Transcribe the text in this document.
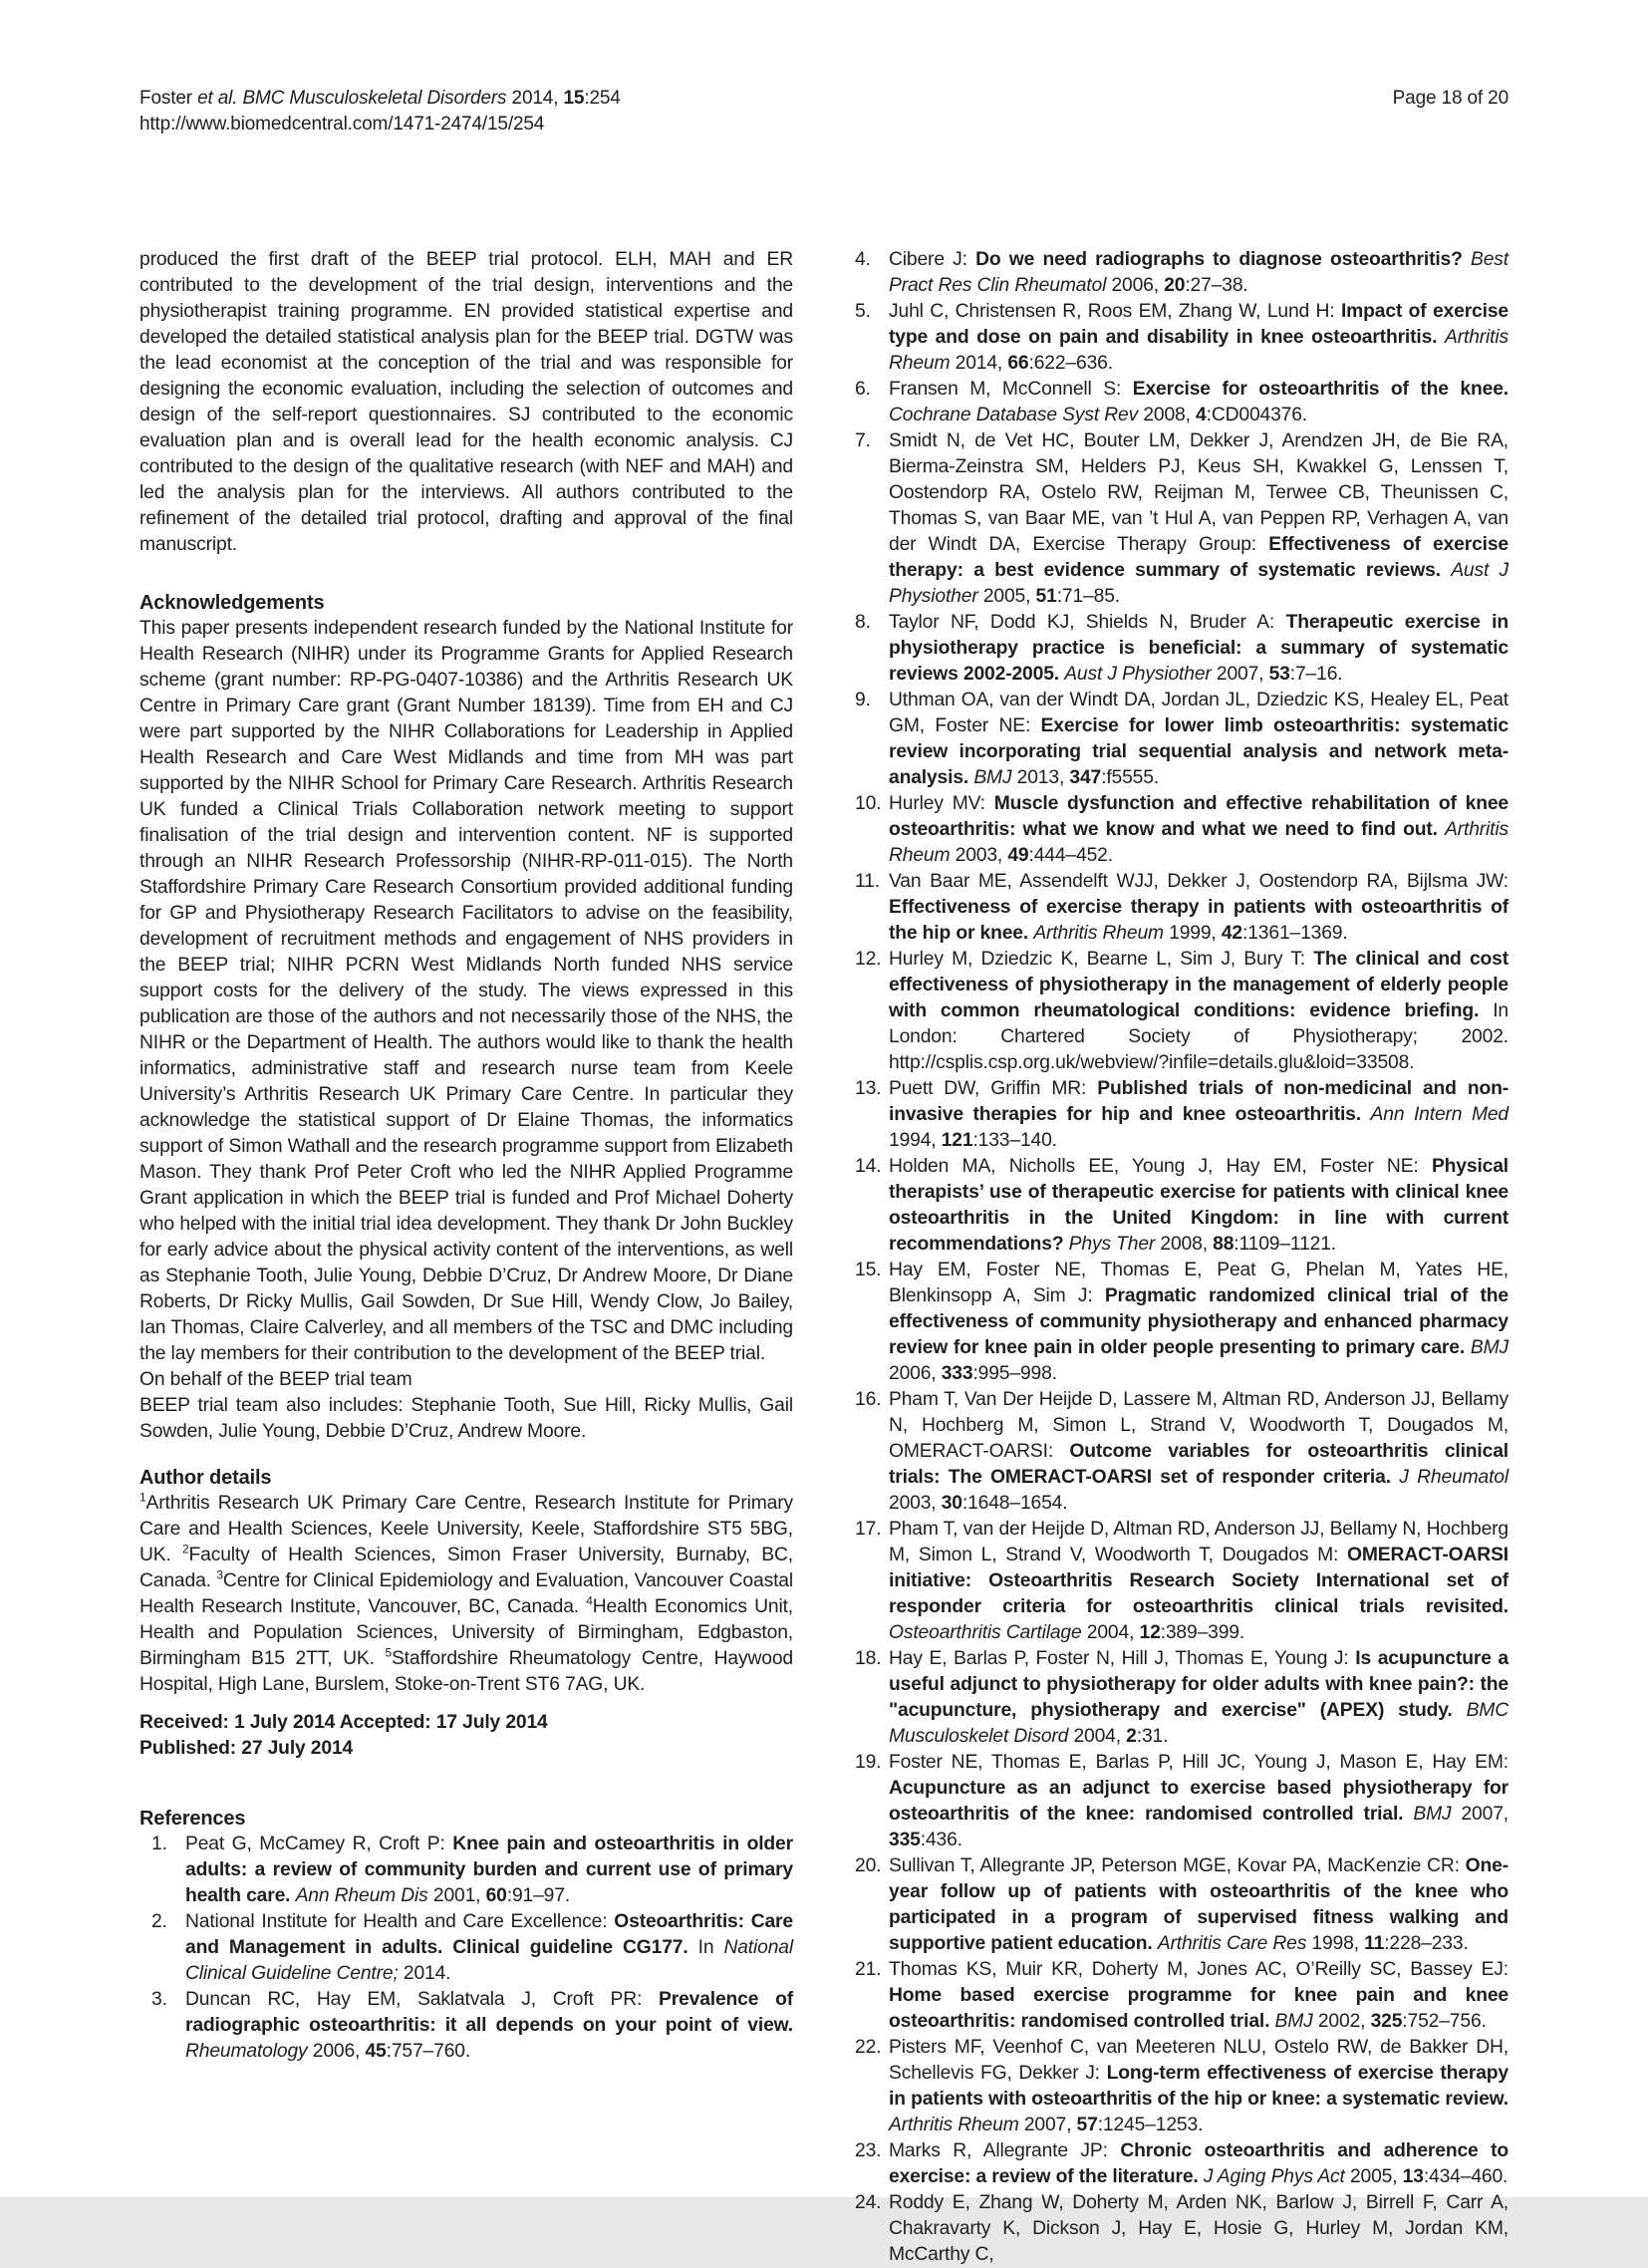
Foster et al. BMC Musculoskeletal Disorders 2014, 15:254
http://www.biomedcentral.com/1471-2474/15/254
Page 18 of 20

produced the first draft of the BEEP trial protocol. ELH, MAH and ER contributed to the development of the trial design, interventions and the physiotherapist training programme. EN provided statistical expertise and developed the detailed statistical analysis plan for the BEEP trial. DGTW was the lead economist at the conception of the trial and was responsible for designing the economic evaluation, including the selection of outcomes and design of the self-report questionnaires. SJ contributed to the economic evaluation plan and is overall lead for the health economic analysis. CJ contributed to the design of the qualitative research (with NEF and MAH) and led the analysis plan for the interviews. All authors contributed to the refinement of the detailed trial protocol, drafting and approval of the final manuscript.

Acknowledgements

This paper presents independent research funded by the National Institute for Health Research (NIHR) under its Programme Grants for Applied Research scheme (grant number: RP-PG-0407-10386) and the Arthritis Research UK Centre in Primary Care grant (Grant Number 18139). Time from EH and CJ were part supported by the NIHR Collaborations for Leadership in Applied Health Research and Care West Midlands and time from MH was part supported by the NIHR School for Primary Care Research. Arthritis Research UK funded a Clinical Trials Collaboration network meeting to support finalisation of the trial design and intervention content. NF is supported through an NIHR Research Professorship (NIHR-RP-011-015). The North Staffordshire Primary Care Research Consortium provided additional funding for GP and Physiotherapy Research Facilitators to advise on the feasibility, development of recruitment methods and engagement of NHS providers in the BEEP trial; NIHR PCRN West Midlands North funded NHS service support costs for the delivery of the study. The views expressed in this publication are those of the authors and not necessarily those of the NHS, the NIHR or the Department of Health. The authors would like to thank the health informatics, administrative staff and research nurse team from Keele University’s Arthritis Research UK Primary Care Centre. In particular they acknowledge the statistical support of Dr Elaine Thomas, the informatics support of Simon Wathall and the research programme support from Elizabeth Mason. They thank Prof Peter Croft who led the NIHR Applied Programme Grant application in which the BEEP trial is funded and Prof Michael Doherty who helped with the initial trial idea development. They thank Dr John Buckley for early advice about the physical activity content of the interventions, as well as Stephanie Tooth, Julie Young, Debbie D’Cruz, Dr Andrew Moore, Dr Diane Roberts, Dr Ricky Mullis, Gail Sowden, Dr Sue Hill, Wendy Clow, Jo Bailey, Ian Thomas, Claire Calverley, and all members of the TSC and DMC including the lay members for their contribution to the development of the BEEP trial.

On behalf of the BEEP trial team
BEEP trial team also includes: Stephanie Tooth, Sue Hill, Ricky Mullis, Gail Sowden, Julie Young, Debbie D’Cruz, Andrew Moore.
Author details

$^1$Arthritis Research UK Primary Care Centre, Research Institute for Primary Care and Health Sciences, Keele University, Keele, Staffordshire ST5 5BG, UK. $^2$Faculty of Health Sciences, Simon Fraser University, Burnaby, BC, Canada. $^3$Centre for Clinical Epidemiology and Evaluation, Vancouver Coastal Health Research Institute, Vancouver, BC, Canada. $^4$Health Economics Unit, Health and Population Sciences, University of Birmingham, Edgbaston, Birmingham B15 2TT, UK. $^5$Staffordshire Rheumatology Centre, Haywood Hospital, High Lane, Burslem, Stoke-on-Trent ST6 7AG, UK.

Received: 1 July 2014 Accepted: 17 July 2014
Published: 27 July 2014
References
1. Peat G, McCamey R, Croft P: Knee pain and osteoarthritis in older adults: a review of community burden and current use of primary health care. Ann Rheum Dis 2001, 60:91–97.
2. National Institute for Health and Care Excellence: Osteoarthritis: Care and Management in adults. Clinical guideline CG177. In National Clinical Guideline Centre; 2014.
3. Duncan RC, Hay EM, Saklatvala J, Croft PR: Prevalence of radiographic osteoarthritis: it all depends on your point of view. Rheumatology 2006, 45:757–760.
4. Cibere J: Do we need radiographs to diagnose osteoarthritis? Best Pract Res Clin Rheumatol 2006, 20:27–38.
5. Juhl C, Christensen R, Roos EM, Zhang W, Lund H: Impact of exercise type and dose on pain and disability in knee osteoarthritis. Arthritis Rheum 2014, 66:622–636.
6. Fransen M, McConnell S: Exercise for osteoarthritis of the knee. Cochrane Database Syst Rev 2008, 4:CD004376.
7. Smidt N, de Vet HC, Bouter LM, Dekker J, Arendzen JH, de Bie RA, Bierma-Zeinstra SM, Helders PJ, Keus SH, Kwakkel G, Lenssen T, Oostendorp RA, Ostelo RW, Reijman M, Terwee CB, Theunissen C, Thomas S, van Baar ME, van ’t Hul A, van Peppen RP, Verhagen A, van der Windt DA, Exercise Therapy Group: Effectiveness of exercise therapy: a best evidence summary of systematic reviews. Aust J Physiother 2005, 51:71–85.
8. Taylor NF, Dodd KJ, Shields N, Bruder A: Therapeutic exercise in physiotherapy practice is beneficial: a summary of systematic reviews 2002-2005. Aust J Physiother 2007, 53:7–16.
9. Uthman OA, van der Windt DA, Jordan JL, Dziedzic KS, Healey EL, Peat GM, Foster NE: Exercise for lower limb osteoarthritis: systematic review incorporating trial sequential analysis and network meta-analysis. BMJ 2013, 347:f5555.
10. Hurley MV: Muscle dysfunction and effective rehabilitation of knee osteoarthritis: what we know and what we need to find out. Arthritis Rheum 2003, 49:444–452.
11. Van Baar ME, Assendelft WJJ, Dekker J, Oostendorp RA, Bijlsma JW: Effectiveness of exercise therapy in patients with osteoarthritis of the hip or knee. Arthritis Rheum 1999, 42:1361–1369.
12. Hurley M, Dziedzic K, Bearne L, Sim J, Bury T: The clinical and cost effectiveness of physiotherapy in the management of elderly people with common rheumatological conditions: evidence briefing. In London: Chartered Society of Physiotherapy; 2002. http://csplis.csp.org.uk/webview/?infile=details.glu&loid=33508.
13. Puett DW, Griffin MR: Published trials of non-medicinal and non-invasive therapies for hip and knee osteoarthritis. Ann Intern Med 1994, 121:133–140.
14. Holden MA, Nicholls EE, Young J, Hay EM, Foster NE: Physical therapists’ use of therapeutic exercise for patients with clinical knee osteoarthritis in the United Kingdom: in line with current recommendations? Phys Ther 2008, 88:1109–1121.
15. Hay EM, Foster NE, Thomas E, Peat G, Phelan M, Yates HE, Blenkinsopp A, Sim J: Pragmatic randomized clinical trial of the effectiveness of community physiotherapy and enhanced pharmacy review for knee pain in older people presenting to primary care. BMJ 2006, 333:995–998.
16. Pham T, Van Der Heijde D, Lassere M, Altman RD, Anderson JJ, Bellamy N, Hochberg M, Simon L, Strand V, Woodworth T, Dougados M, OMERACT-OARSI: Outcome variables for osteoarthritis clinical trials: The OMERACT-OARSI set of responder criteria. J Rheumatol 2003, 30:1648–1654.
17. Pham T, van der Heijde D, Altman RD, Anderson JJ, Bellamy N, Hochberg M, Simon L, Strand V, Woodworth T, Dougados M: OMERACT-OARSI initiative: Osteoarthritis Research Society International set of responder criteria for osteoarthritis clinical trials revisited. Osteoarthritis Cartilage 2004, 12:389–399.
18. Hay E, Barlas P, Foster N, Hill J, Thomas E, Young J: Is acupuncture a useful adjunct to physiotherapy for older adults with knee pain?: the "acupuncture, physiotherapy and exercise" (APEX) study. BMC Musculoskelet Disord 2004, 2:31.
19. Foster NE, Thomas E, Barlas P, Hill JC, Young J, Mason E, Hay EM: Acupuncture as an adjunct to exercise based physiotherapy for osteoarthritis of the knee: randomised controlled trial. BMJ 2007, 335:436.
20. Sullivan T, Allegrante JP, Peterson MGE, Kovar PA, MacKenzie CR: One-year follow up of patients with osteoarthritis of the knee who participated in a program of supervised fitness walking and supportive patient education. Arthritis Care Res 1998, 11:228–233.
21. Thomas KS, Muir KR, Doherty M, Jones AC, O’Reilly SC, Bassey EJ: Home based exercise programme for knee pain and knee osteoarthritis: randomised controlled trial. BMJ 2002, 325:752–756.
22. Pisters MF, Veenhof C, van Meeteren NLU, Ostelo RW, de Bakker DH, Schellevis FG, Dekker J: Long-term effectiveness of exercise therapy in patients with osteoarthritis of the hip or knee: a systematic review. Arthritis Rheum 2007, 57:1245–1253.
23. Marks R, Allegrante JP: Chronic osteoarthritis and adherence to exercise: a review of the literature. J Aging Phys Act 2005, 13:434–460.
24. Roddy E, Zhang W, Doherty M, Arden NK, Barlow J, Birrell F, Carr A, Chakravarty K, Dickson J, Hay E, Hosie G, Hurley M, Jordan KM, McCarthy C,
